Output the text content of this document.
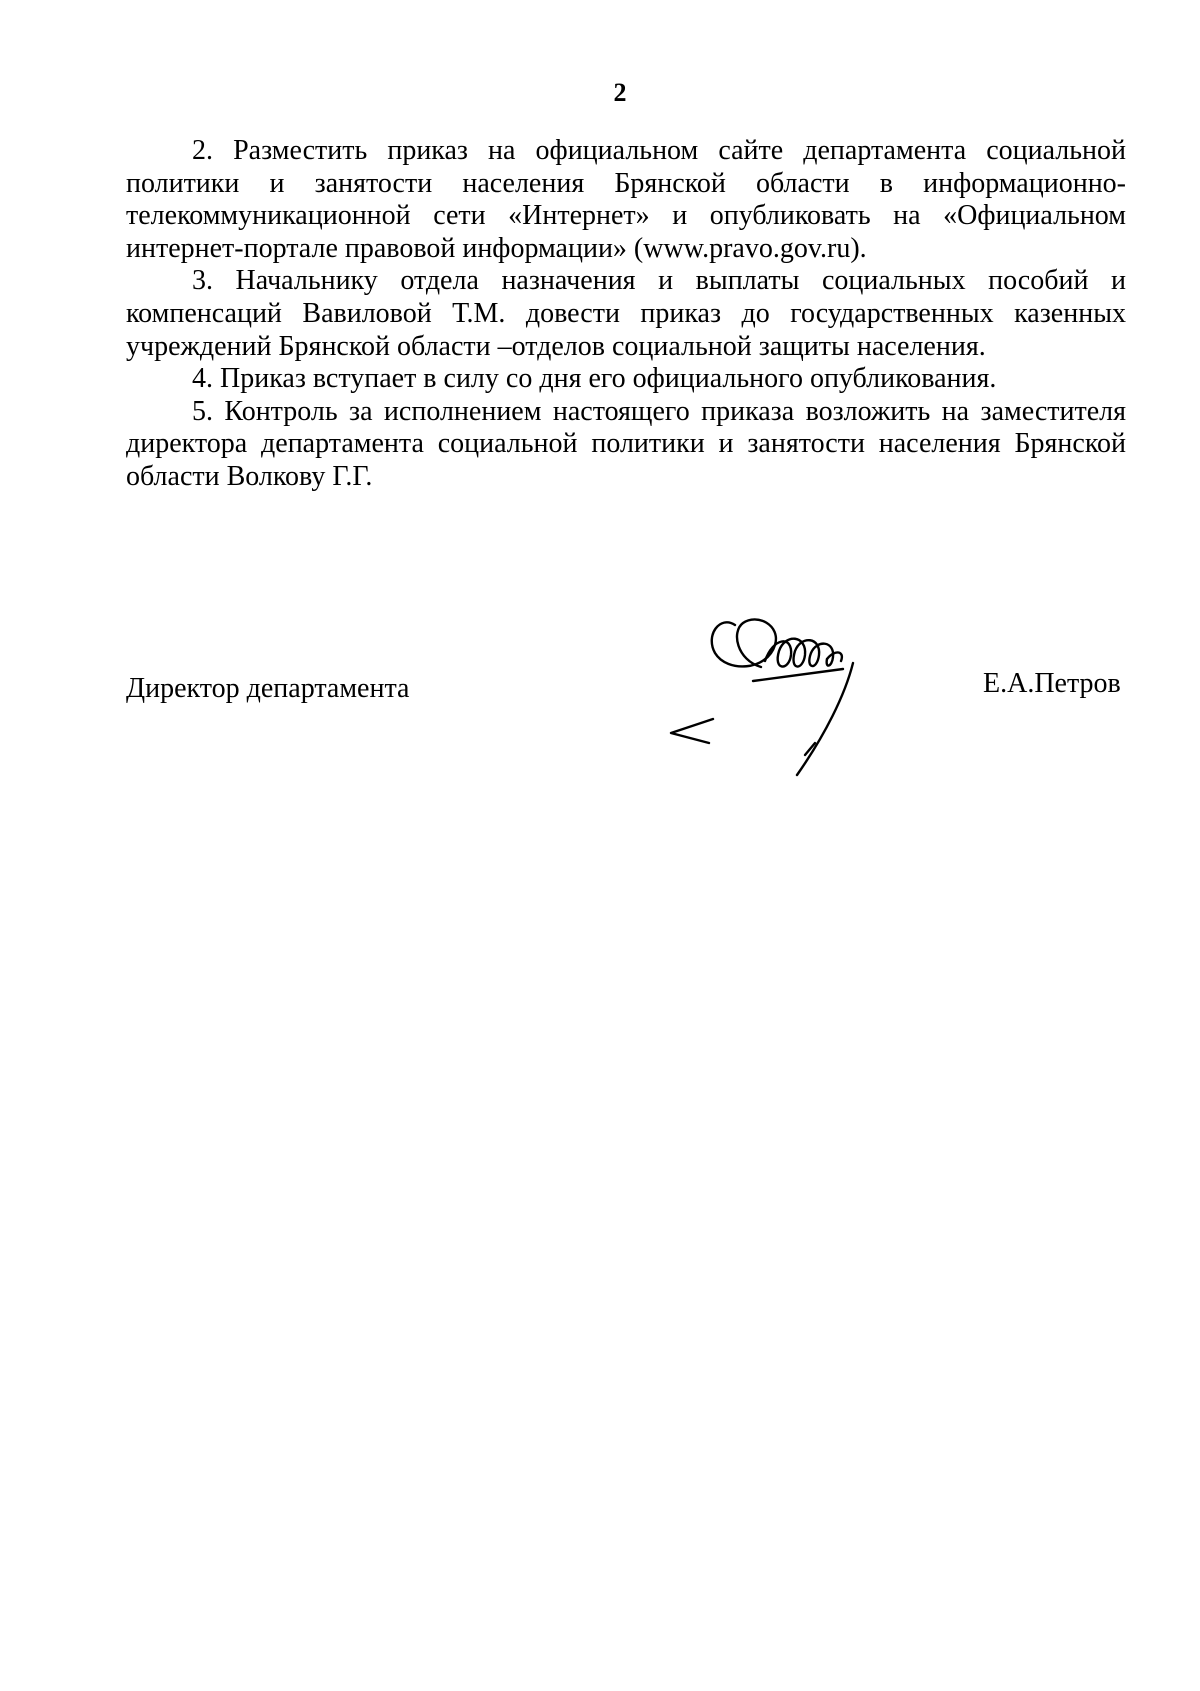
2

2. Разместить приказ на официальном сайте департамента социальной политики и занятости населения Брянской области в информационно-телекоммуникационной сети «Интернет» и опубликовать на «Официальном интернет-портале правовой информации» (www.pravo.gov.ru).

3. Начальнику отдела назначения и выплаты социальных пособий и компенсаций Вавиловой Т.М. довести приказ до государственных казенных учреждений Брянской области –отделов социальной защиты населения.

4. Приказ вступает в силу со дня его официального опубликования.

5. Контроль за исполнением настоящего приказа возложить на заместителя директора департамента социальной политики и занятости населения Брянской области Волкову Г.Г.

Директор департамента	Е.А.Петров
